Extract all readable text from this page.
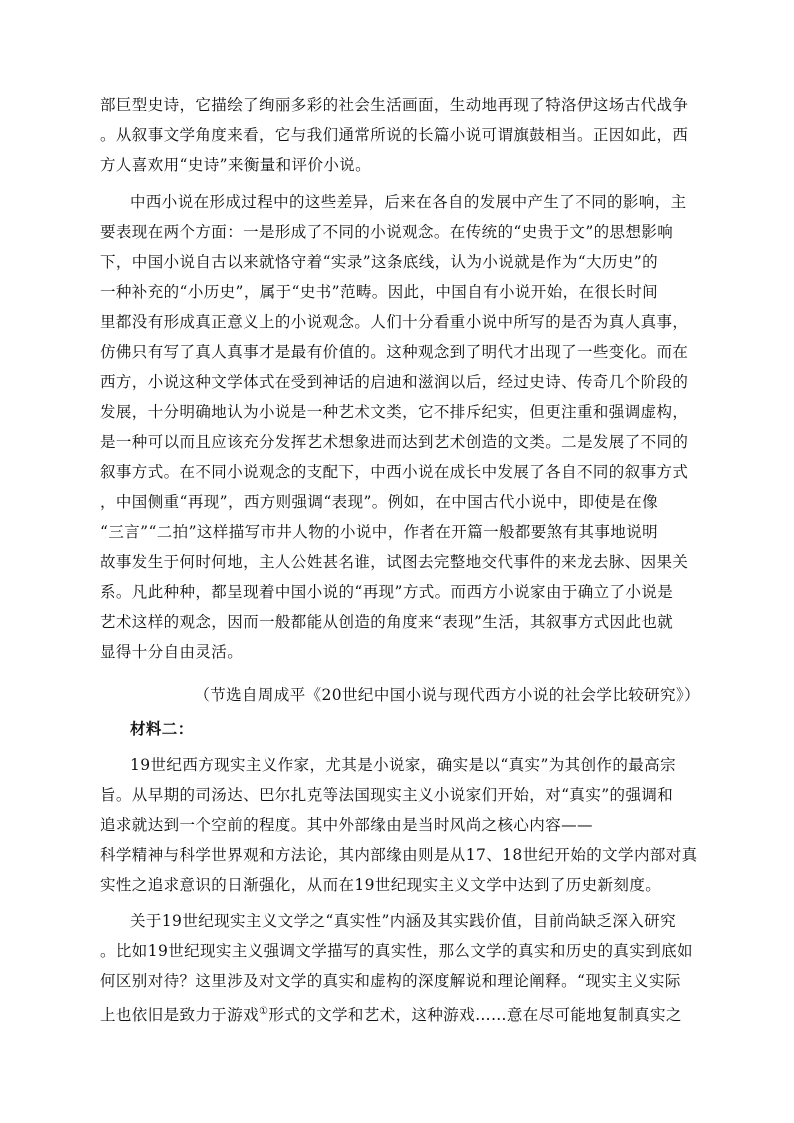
部巨型史诗，它描绘了绚丽多彩的社会生活画面，生动地再现了特洛伊这场古代战争
。从叙事文学角度来看，它与我们通常所说的长篇小说可谓旗鼓相当。正因如此，西
方人喜欢用“史诗”来衡量和评价小说。
中西小说在形成过程中的这些差异，后来在各自的发展中产生了不同的影响，主
要表现在两个方面：一是形成了不同的小说观念。在传统的“史贵于文”的思想影响
下，中国小说自古以来就恪守着“实录”这条底线，认为小说就是作为“大历史”的
一种补充的“小历史”，属于“史书”范畴。因此，中国自有小说开始，在很长时间
里都没有形成真正意义上的小说观念。人们十分看重小说中所写的是否为真人真事，
仿佛只有写了真人真事才是最有价值的。这种观念到了明代才出现了一些变化。而在
西方，小说这种文学体式在受到神话的启迪和滋润以后，经过史诗、传奇几个阶段的
发展，十分明确地认为小说是一种艺术文类，它不排斥纪实，但更注重和强调虚构，
是一种可以而且应该充分发挥艺术想象进而达到艺术创造的文类。二是发展了不同的
叙事方式。在不同小说观念的支配下，中西小说在成长中发展了各自不同的叙事方式
，中国侧重“再现”，西方则强调“表现”。例如，在中国古代小说中，即使是在像
“三言”“二拍”这样描写市井人物的小说中，作者在开篇一般都要煞有其事地说明
故事发生于何时何地，主人公姓甚名谁，试图去完整地交代事件的来龙去脉、因果关
系。凡此种种，都呈现着中国小说的“再现”方式。而西方小说家由于确立了小说是
艺术这样的观念，因而一般都能从创造的角度来“表现”生活，其叙事方式因此也就
显得十分自由灵活。
（节选自周成平《20世纪中国小说与现代西方小说的社会学比较研究》）
材料二：
19世纪西方现实主义作家，尤其是小说家，确实是以“真实”为其创作的最高宗
旨。从早期的司汤达、巴尔扎克等法国现实主义小说家们开始，对“真实”的强调和
追求就达到一个空前的程度。其中外部缘由是当时风尚之核心内容——
科学精神与科学世界观和方法论，其内部缘由则是从17、18世纪开始的文学内部对真
实性之追求意识的日渐强化，从而在19世纪现实主义文学中达到了历史新刻度。
关于19世纪现实主义文学之“真实性”内涵及其实践价值，目前尚缺乏深入研究
。比如19世纪现实主义强调文学描写的真实性，那么文学的真实和历史的真实到底如
何区别对待？这里涉及对文学的真实和虚构的深度解说和理论阐释。“现实主义实际
上也依旧是致力于游戏①形式的文学和艺术，这种游戏……意在尽可能地复制真实之
